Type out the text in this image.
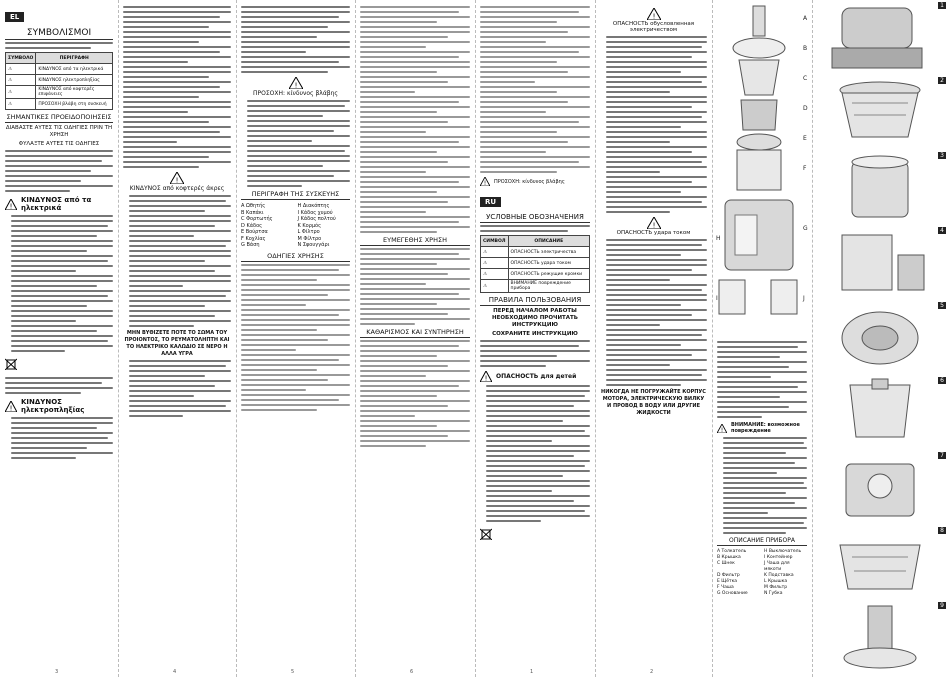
EL
ΣΥΜΒΟΛΙΣΜΟΙ
ΣΥΜΒΟΛΟ	ΠΕΡΙΓΡΑΦΗ
⚠	ΚΙΝΔΥΝΟΣ από τα ηλεκτρικά
⚠	ΚΙΝΔΥΝΟΣ ηλεκτροπληξίας
⚠	ΚΙΝΔΥΝΟΣ από κοφτερές επιφάνειες
⚠	ΠΡΟΣΟΧΗ βλάβη στη συσκευή
ΣΗΜΑΝΤΙΚΕΣ ΠΡΟΕΙΔΟΠΟΙΗΣΕΙΣ
ΔΙΑΒΑΣΤΕ ΑΥΤΕΣ ΤΙΣ ΟΔΗΓΙΕΣ ΠΡΙΝ ΤΗ ΧΡΗΣΗ
ΦΥΛΑΞΤΕ ΑΥΤΕΣ ΤΙΣ ΟΔΗΓΙΕΣ
!
ΚΙΝΔΥΝΟΣ από τα ηλεκτρικά
!
ΚΙΝΔΥΝΟΣ ηλεκτροπληξίας
3
!
ΚΙΝΔΥΝΟΣ από κοφτερές άκρες
ΜΗΝ ΒΥΘΙΖΕΤΕ ΠΟΤΕ ΤΟ ΣΩΜΑ ΤΟΥ ΠΡΟΙΟΝΤΟΣ, ΤΟ ΡΕΥΜΑΤΟΛΗΠΤΗ ΚΑΙ ΤΟ ΗΛΕΚΤΡΙΚΟ ΚΑΛΩΔΙΟ ΣΕ ΝΕΡΟ Η ΑΛΛΑ ΥΓΡΑ
4
!
ΠΡΟΣΟΧΗ: κίνδυνος βλάβης
ΠΕΡΙΓΡΑΦΗ ΤΗΣ ΣΥΣΚΕΥΗΣ
A Ωθητής	H Διακόπτης
B Καπάκι	I Κάδος χυμού
C Φορτωτής	J Κάδος πολτού
D Κάδος	K Κορμός
E Βούρτσα	L Φίλτρο
F Κοχλίας	M Φίλτρο
G Βάση	N Σφουγγάρι
ΟΔΗΓΙΕΣ ΧΡΗΣΗΣ
5
ΕΥΜΕΓΕΘΗΣ ΧΡΗΣΗ
ΚΑΘΑΡΙΣΜΟΣ ΚΑΙ ΣΥΝΤΗΡΗΣΗ
6
! ΠΡΟΣΟΧΗ: κίνδυνος βλάβης
RU
УСЛОВНЫЕ ОБОЗНАЧЕНИЯ
СИМВОЛ	ОПИСАНИЕ
⚠	ОПАСНОСТЬ электричества
⚠	ОПАСНОСТЬ удара током
⚠	ОПАСНОСТЬ режущие кромки
⚠	ВНИМАНИЕ повреждение прибора
ПРАВИЛА ПОЛЬЗОВАНИЯ
ПЕРЕД НАЧАЛОМ РАБОТЫ НЕОБХОДИМО ПРОЧИТАТЬ ИНСТРУКЦИЮ
СОХРАНИТЕ ИНСТРУКЦИЮ
! ОПАСНОСТЬ для детей
1
!
ОПАСНОСТЬ обусловленная электричеством
!
ОПАСНОСТЬ удара током
НИКОГДА НЕ ПОГРУЖАЙТЕ КОРПУС МОТОРА, ЭЛЕКТРИЧЕСКУЮ ВИЛКУ И ПРОВОД В ВОДУ ИЛИ ДРУГИЕ ЖИДКОСТИ
2
A
B
C
D
E
F
G
H
I	J
!
ВНИМАНИЕ: возможное повреждение
ОПИСАНИЕ ПРИБОРА
A Толкатель	H Выключатель
B Крышка	I Контейнер
C Шнек	J Чаша для мякоти
D Фильтр	K Подставка
E Щётка	L Крышка
F Чаша	M Фильтр
G Основание	N Губка
1
2
3
4
5
6
7
8
9
